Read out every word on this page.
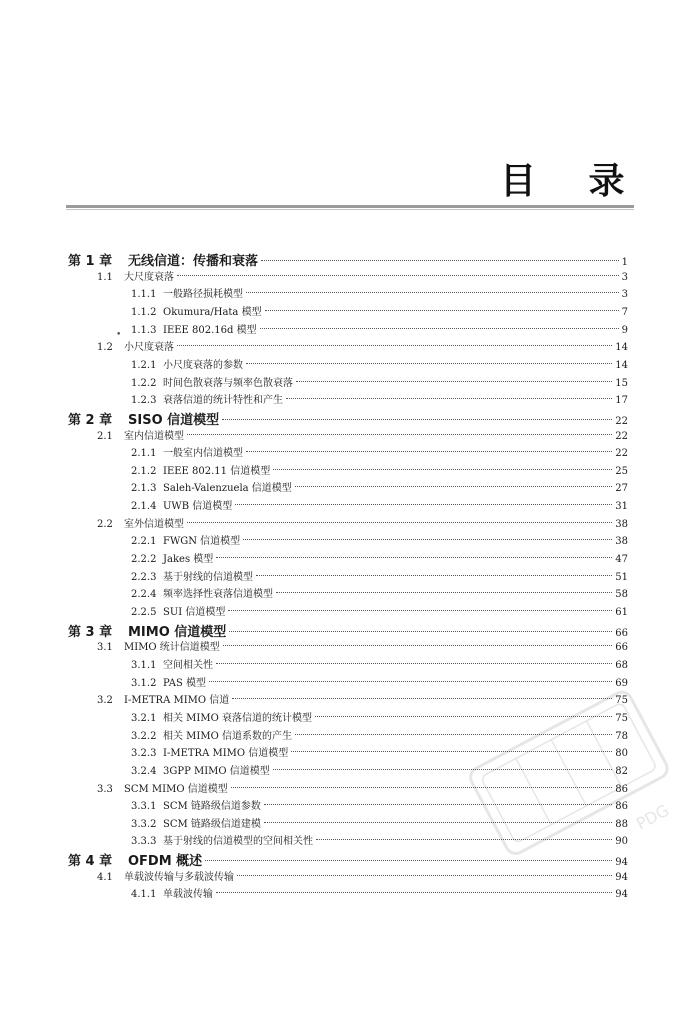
目 录
第 1 章	无线信道：传播和衰落	1
1.1	大尺度衰落	3
1.1.1 一般路径损耗模型	3
1.1.2 Okumura/Hata 模型	7
1.1.3 IEEE 802.16d 模型	9
1.2	小尺度衰落	14
1.2.1 小尺度衰落的参数	14
1.2.2 时间色散衰落与频率色散衰落	15
1.2.3 衰落信道的统计特性和产生	17
第 2 章	SISO 信道模型	22
2.1	室内信道模型	22
2.1.1 一般室内信道模型	22
2.1.2 IEEE 802.11 信道模型	25
2.1.3 Saleh-Valenzuela 信道模型	27
2.1.4 UWB 信道模型	31
2.2	室外信道模型	38
2.2.1 FWGN 信道模型	38
2.2.2 Jakes 模型	47
2.2.3 基于射线的信道模型	51
2.2.4 频率选择性衰落信道模型	58
2.2.5 SUI 信道模型	61
第 3 章	MIMO 信道模型	66
3.1	MIMO 统计信道模型	66
3.1.1 空间相关性	68
3.1.2 PAS 模型	69
3.2	I-METRA MIMO 信道	75
3.2.1 相关 MIMO 衰落信道的统计模型	75
3.2.2 相关 MIMO 信道系数的产生	78
3.2.3 I-METRA MIMO 信道模型	80
3.2.4 3GPP MIMO 信道模型	82
3.3	SCM MIMO 信道模型	86
3.3.1 SCM 链路级信道参数	86
3.3.2 SCM 链路级信道建模	88
3.3.3 基于射线的信道模型的空间相关性	90
第 4 章	OFDM 概述	94
4.1	单载波传输与多载波传输	94
4.1.1 单载波传输	94
•
PDG
